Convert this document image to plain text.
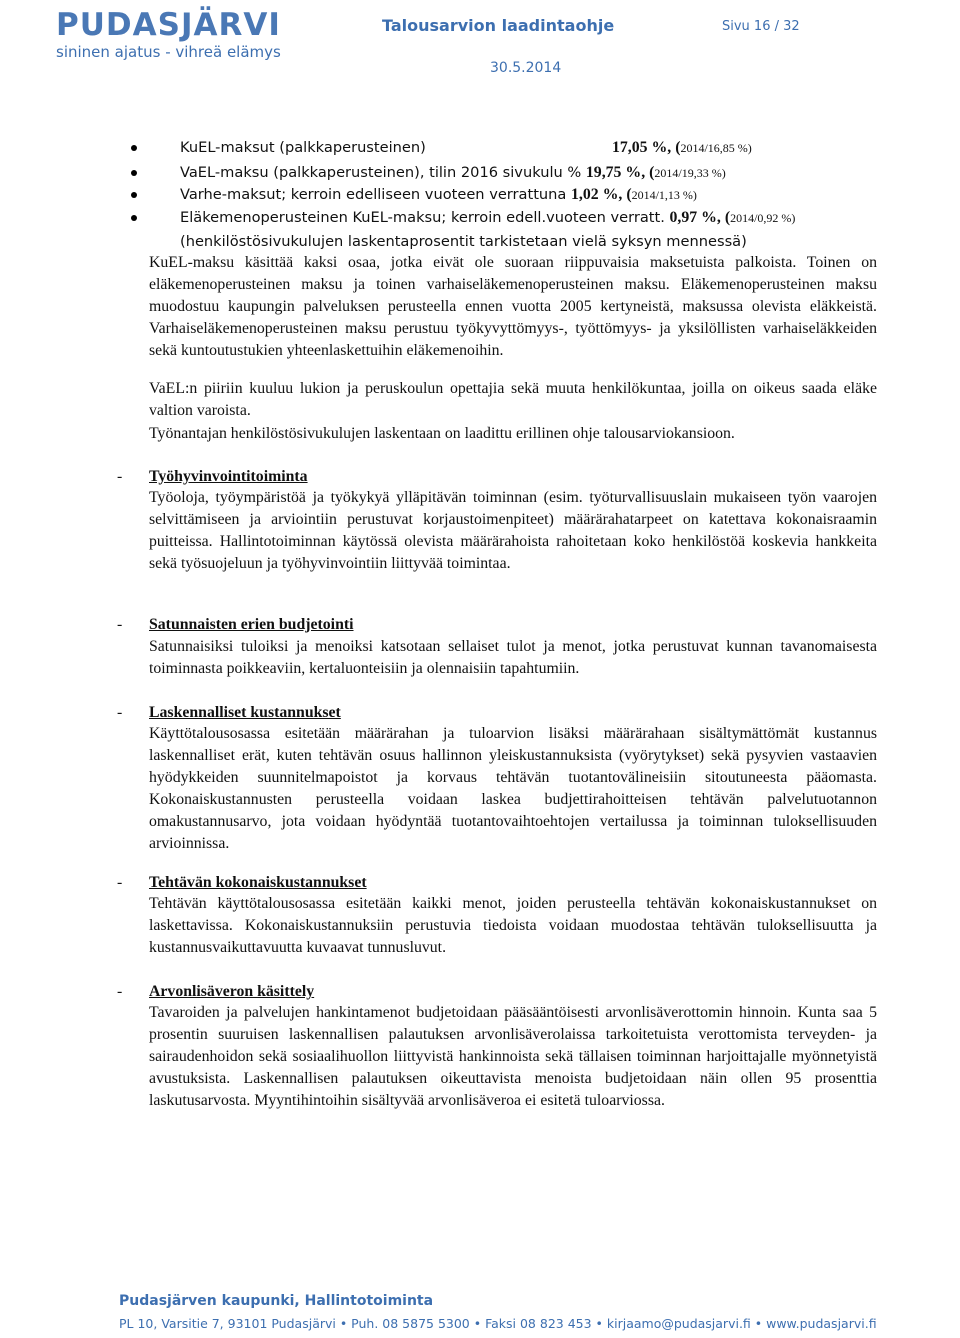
PUDASJÄRVI
sininen ajatus - vihreä elämys
Talousarvion laadintaohje	Sivu 16 / 32
30.5.2014
KuEL-maksut (palkkaperusteinen)	17,05 %, (2014/16,85 %)
VaEL-maksu (palkkaperusteinen), tilin 2016 sivukulu % 19,75 %, (2014/19,33 %)
Varhe-maksut; kerroin edelliseen vuoteen verrattuna 1,02 %, (2014/1,13 %)
Eläkemenoperusteinen KuEL-maksu; kerroin edell.vuoteen verratt. 0,97 %, (2014/0,92 %)
(henkilöstösivukulujen laskentaprosentit tarkistetaan vielä syksyn mennessä)
KuEL-maksu käsittää kaksi osaa, jotka eivät ole suoraan riippuvaisia maksetuista palkoista. Toinen on eläkemenoperusteinen maksu ja toinen varhaiseläkemenoperusteinen maksu. Eläkemenoperusteinen maksu muodostuu kaupungin palveluksen perusteella ennen vuotta 2005 kertyneistä, maksussa olevista eläkkeistä. Varhaiseläkemenoperusteinen maksu perustuu työkyvyttömyys-, työttömyys- ja yksilöllisten varhaiseläkkeiden sekä kuntoutustukien yhteenlaskettuihin eläkemenoihin.
VaEL:n piiriin kuuluu lukion ja peruskoulun opettajia sekä muuta henkilökuntaa, joilla on oikeus saada eläke valtion varoista.
Työnantajan henkilöstösivukulujen laskentaan on laadittu erillinen ohje talousarviokansioon.
- Työhyvinvointitoiminta
Työoloja, työympäristöä ja työkykyä ylläpitävän toiminnan (esim. työturvallisuuslain mukaiseen työn vaarojen selvittämiseen ja arviointiin perustuvat korjaustoimenpiteet) määrärahatarpeet on katettava kokonaisraamin puitteissa. Hallintotoiminnan käytössä olevista määrärahoista rahoitetaan koko henkilöstöä koskevia hankkeita sekä työsuojeluun ja työhyvinvointiin liittyvää toimintaa.
- Satunnaisten erien budjetointi
Satunnaisiksi tuloiksi ja menoiksi katsotaan sellaiset tulot ja menot, jotka perustuvat kunnan tavanomaisesta toiminnasta poikkeaviin, kertaluonteisiin ja olennaisiin tapahtumiin.
- Laskennalliset kustannukset
Käyttötalousosassa esitetään määrärahan ja tuloarvion lisäksi määrärahaan sisältymättömät kustannus laskennalliset erät, kuten tehtävän osuus hallinnon yleiskustannuksista (vyörytykset) sekä pysyvien vastaavien hyödykkeiden suunnitelmapoistot ja korvaus tehtävän tuotantovälineisiin sitoutuneesta pääomasta. Kokonaiskustannusten perusteella voidaan laskea budjettirahoitteisen tehtävän palvelutuotannon omakustannusarvo, jota voidaan hyödyntää tuotantovaihtoehtojen vertailussa ja toiminnan tuloksellisuuden arvioinnissa.
- Tehtävän kokonaiskustannukset
Tehtävän käyttötalousosassa esitetään kaikki menot, joiden perusteella tehtävän kokonaiskustannukset on laskettavissa. Kokonaiskustannuksiin perustuvia tiedoista voidaan muodostaa tehtävän tuloksellisuutta ja kustannusvaikuttavuutta kuvaavat tunnusluvut.
- Arvonlisäveron käsittely
Tavaroiden ja palvelujen hankintamenot budjetoidaan pääsääntöisesti arvonlisäverottomin hinnoin. Kunta saa 5 prosentin suuruisen laskennallisen palautuksen arvonlisäverolaissa tarkoitetuista verottomista terveyden- ja sairaudenhoidon sekä sosiaalihuollon liittyvistä hankinnoista sekä tällaisen toiminnan harjoittajalle myönnetyistä avustuksista. Laskennallisen palautuksen oikeuttavista menoista budjetoidaan näin ollen 95 prosenttia laskutusarvosta. Myyntihintoihin sisältyvää arvonlisäveroa ei esitetä tuloarviossa.
Pudasjärven kaupunki, Hallintotoiminta
PL 10, Varsitie 7, 93101 Pudasjärvi • Puh. 08 5875 5300 • Faksi 08 823 453 • kirjaamo@pudasjarvi.fi • www.pudasjarvi.fi
